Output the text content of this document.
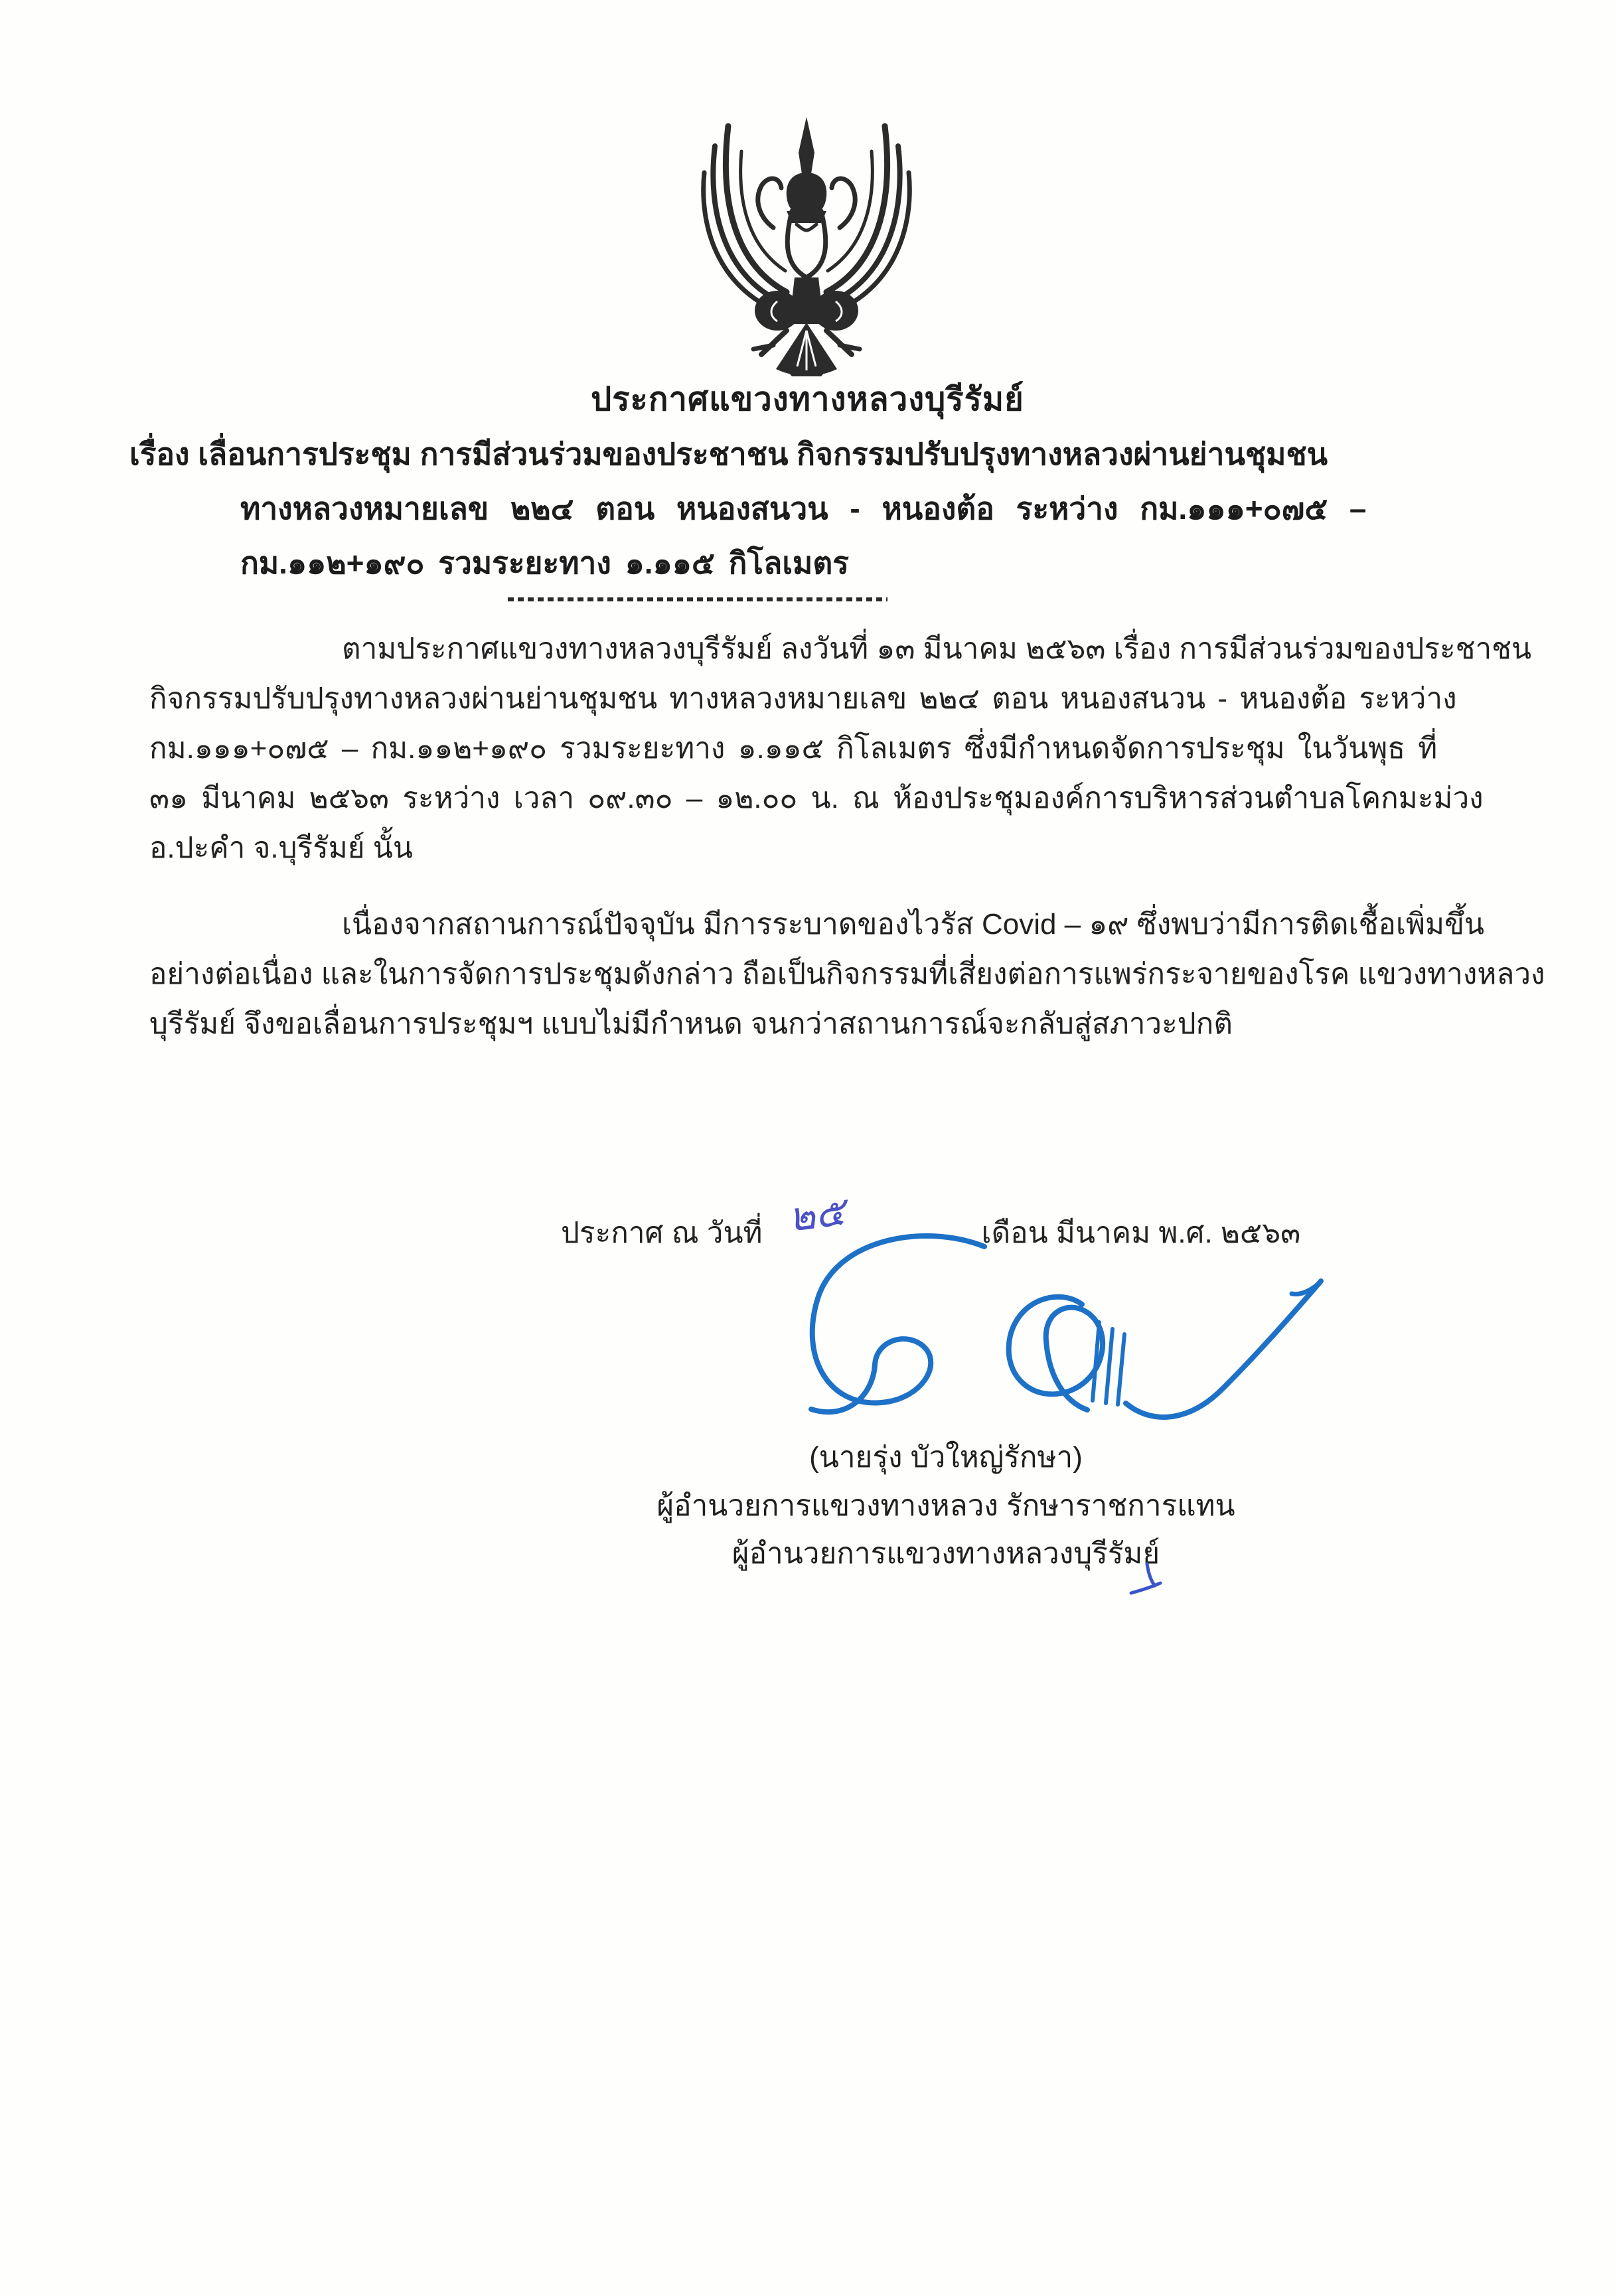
ประกาศแขวงทางหลวงบุรีรัมย์
เรื่อง เลื่อนการประชุม การมีส่วนร่วมของประชาชน กิจกรรมปรับปรุงทางหลวงผ่านย่านชุมชน
ทางหลวงหมายเลข ๒๒๔ ตอน หนองสนวน - หนองต้อ ระหว่าง กม.๑๑๑+๐๗๕ –
กม.๑๑๒+๑๙๐ รวมระยะทาง ๑.๑๑๕ กิโลเมตร
ตามประกาศแขวงทางหลวงบุรีรัมย์ ลงวันที่ ๑๓ มีนาคม ๒๕๖๓ เรื่อง การมีส่วนร่วมของประชาชน
กิจกรรมปรับปรุงทางหลวงผ่านย่านชุมชน ทางหลวงหมายเลข ๒๒๔ ตอน หนองสนวน - หนองต้อ ระหว่าง
กม.๑๑๑+๐๗๕ – กม.๑๑๒+๑๙๐ รวมระยะทาง ๑.๑๑๕ กิโลเมตร ซึ่งมีกำหนดจัดการประชุม ในวันพุธ ที่
๓๑ มีนาคม ๒๕๖๓ ระหว่าง เวลา ๐๙.๓๐ – ๑๒.๐๐ น. ณ ห้องประชุมองค์การบริหารส่วนตำบลโคกมะม่วง
อ.ปะคำ จ.บุรีรัมย์ นั้น
เนื่องจากสถานการณ์ปัจจุบัน มีการระบาดของไวรัส Covid – ๑๙ ซึ่งพบว่ามีการติดเชื้อเพิ่มขึ้น
อย่างต่อเนื่อง และในการจัดการประชุมดังกล่าว ถือเป็นกิจกรรมที่เสี่ยงต่อการแพร่กระจายของโรค แขวงทางหลวง
บุรีรัมย์ จึงขอเลื่อนการประชุมฯ แบบไม่มีกำหนด จนกว่าสถานการณ์จะกลับสู่สภาวะปกติ
ประกาศ ณ วันที่	เดือน มีนาคม พ.ศ. ๒๕๖๓
๒๕
(นายรุ่ง บัวใหญ่รักษา)
ผู้อำนวยการแขวงทางหลวง รักษาราชการแทน
ผู้อำนวยการแขวงทางหลวงบุรีรัมย์
